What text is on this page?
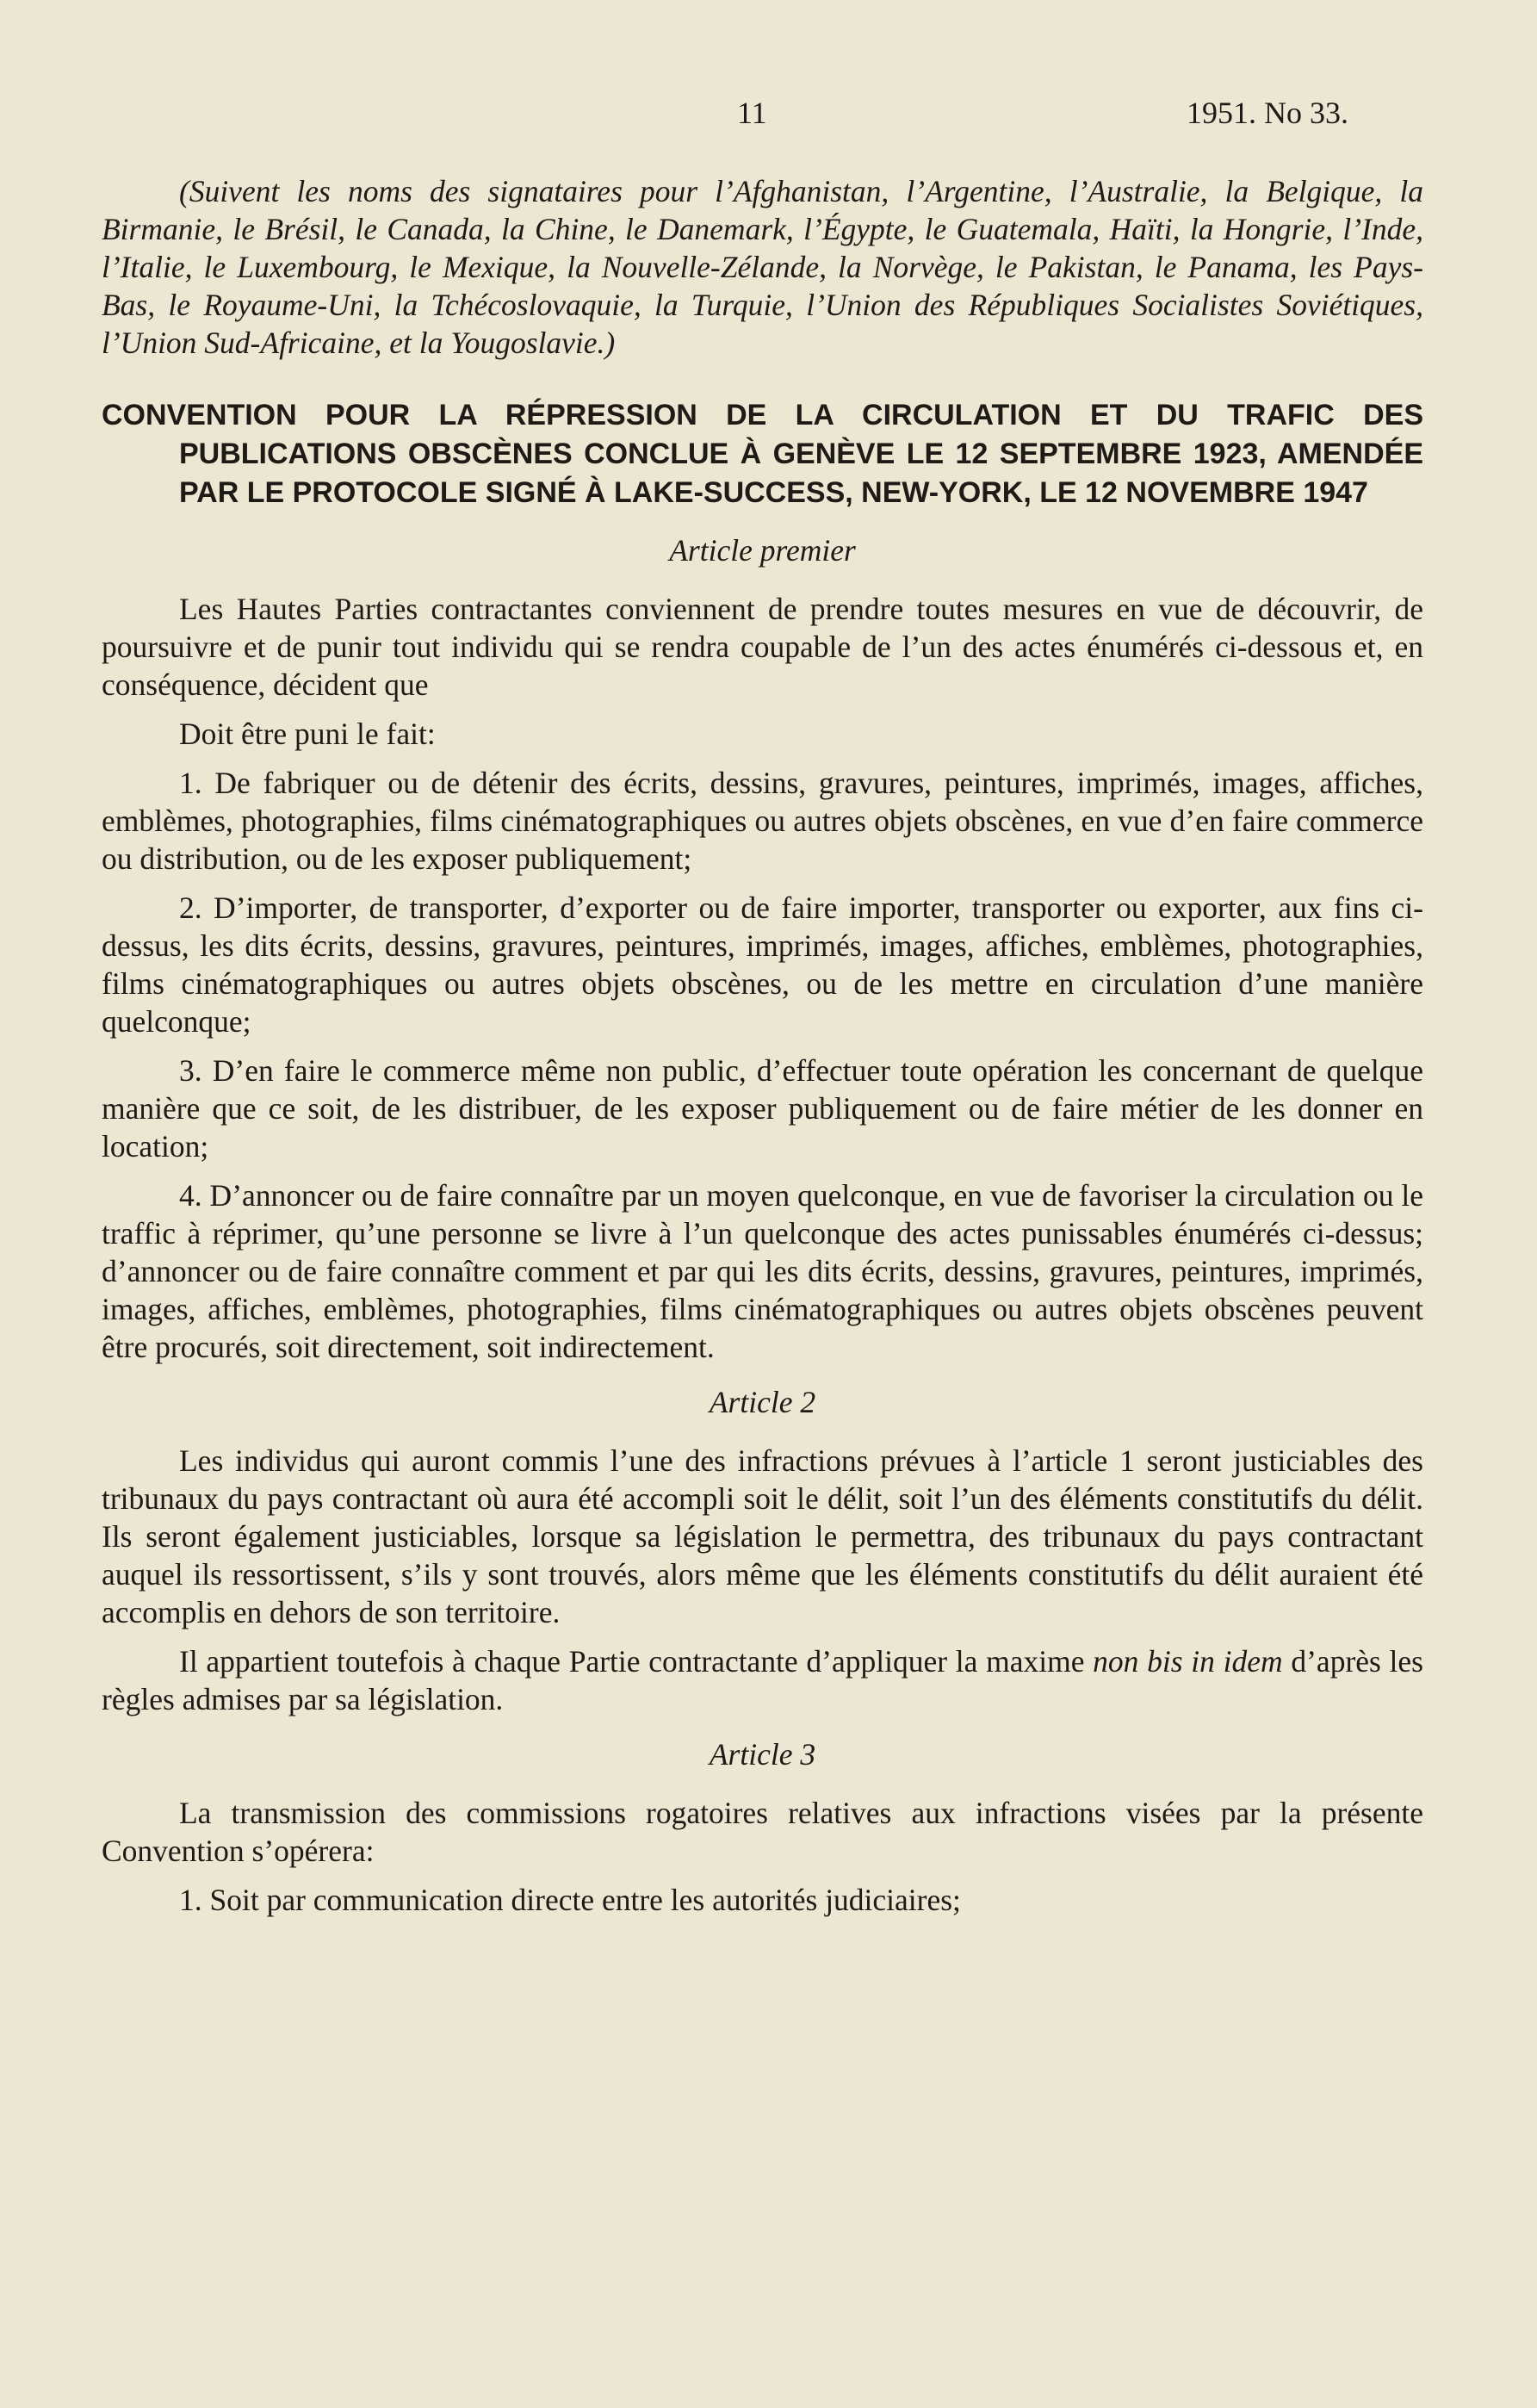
11	1951. No 33.

(Suivent les noms des signataires pour l’Afghanistan, l’Argentine, l’Australie, la Belgique, la Birmanie, le Brésil, le Canada, la Chine, le Danemark, l’Égypte, le Guatemala, Haïti, la Hongrie, l’Inde, l’Italie, le Luxembourg, le Mexique, la Nouvelle-Zélande, la Norvège, le Pakistan, le Panama, les Pays-Bas, le Royaume-Uni, la Tchécoslovaquie, la Turquie, l’Union des Républiques Socialistes Soviétiques, l’Union Sud-Africaine, et la Yougoslavie.)

CONVENTION POUR LA RÉPRESSION DE LA CIRCULATION ET DU TRAFIC DES PUBLICATIONS OBSCÈNES CONCLUE À GENÈVE LE 12 SEPTEMBRE 1923, AMENDÉE PAR LE PROTOCOLE SIGNÉ À LAKE-SUCCESS, NEW-YORK, LE 12 NOVEMBRE 1947

Article premier

Les Hautes Parties contractantes conviennent de prendre toutes mesures en vue de découvrir, de poursuivre et de punir tout individu qui se rendra coupable de l’un des actes énumérés ci-dessous et, en conséquence, décident que

Doit être puni le fait:

1. De fabriquer ou de détenir des écrits, dessins, gravures, peintures, imprimés, images, affiches, emblèmes, photographies, films cinématographiques ou autres objets obscènes, en vue d’en faire commerce ou distribution, ou de les exposer publiquement;

2. D’importer, de transporter, d’exporter ou de faire importer, transporter ou exporter, aux fins ci-dessus, les dits écrits, dessins, gravures, peintures, imprimés, images, affiches, emblèmes, photographies, films cinématographiques ou autres objets obscènes, ou de les mettre en circulation d’une manière quelconque;

3. D’en faire le commerce même non public, d’effectuer toute opération les concernant de quelque manière que ce soit, de les distribuer, de les exposer publiquement ou de faire métier de les donner en location;

4. D’annoncer ou de faire connaître par un moyen quelconque, en vue de favoriser la circulation ou le traffic à réprimer, qu’une personne se livre à l’un quelconque des actes punissables énumérés ci-dessus; d’annoncer ou de faire connaître comment et par qui les dits écrits, dessins, gravures, peintures, imprimés, images, affiches, emblèmes, photographies, films cinématographiques ou autres objets obscènes peuvent être procurés, soit directement, soit indirectement.

Article 2

Les individus qui auront commis l’une des infractions prévues à l’article 1 seront justiciables des tribunaux du pays contractant où aura été accompli soit le délit, soit l’un des éléments constitutifs du délit. Ils seront également justiciables, lorsque sa législation le permettra, des tribunaux du pays contractant auquel ils ressortissent, s’ils y sont trouvés, alors même que les éléments constitutifs du délit auraient été accomplis en dehors de son territoire.

Il appartient toutefois à chaque Partie contractante d’appliquer la maxime non bis in idem d’après les règles admises par sa législation.

Article 3

La transmission des commissions rogatoires relatives aux infractions visées par la présente Convention s’opérera:

1. Soit par communication directe entre les autorités judiciaires;
